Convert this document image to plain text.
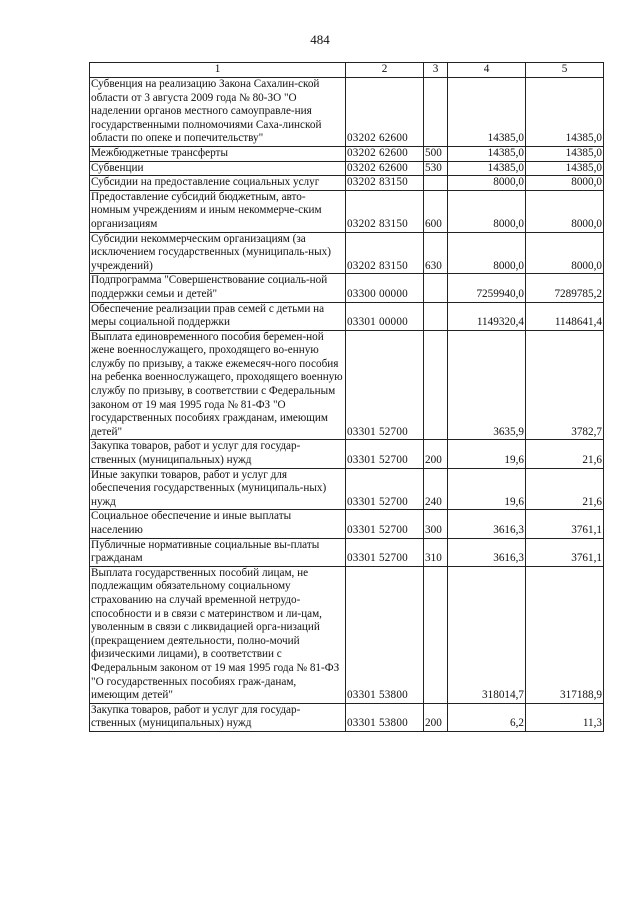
484
1	2	3	4	5
Субвенция на реализацию Закона Сахалин-ской области от 3 августа 2009 года № 80-ЗО "О наделении органов местного самоуправле-ния государственными полномочиями Саха-линской области по опеке и попечительству"	03202 62600		14385,0	14385,0
Межбюджетные трансферты	03202 62600	500	14385,0	14385,0
Субвенции	03202 62600	530	14385,0	14385,0
Субсидии на предоставление социальных услуг	03202 83150		8000,0	8000,0
Предоставление субсидий бюджетным, авто-номным учреждениям и иным некоммерче-ским организациям	03202 83150	600	8000,0	8000,0
Субсидии некоммерческим организациям (за исключением государственных (муниципаль-ных) учреждений)	03202 83150	630	8000,0	8000,0
Подпрограмма "Совершенствование социаль-ной поддержки семьи и детей"	03300 00000		7259940,0	7289785,2
Обеспечение реализации прав семей с детьми на меры социальной поддержки	03301 00000		1149320,4	1148641,4
Выплата единовременного пособия беремен-ной жене военнослужащего, проходящего во-енную службу по призыву, а также ежемесяч-ного пособия на ребенка военнослужащего, проходящего военную службу по призыву, в соответствии с Федеральным законом от 19 мая 1995 года № 81-ФЗ "О государственных пособиях гражданам, имеющим детей"	03301 52700		3635,9	3782,7
Закупка товаров, работ и услуг для государ-ственных (муниципальных) нужд	03301 52700	200	19,6	21,6
Иные закупки товаров, работ и услуг для обеспечения государственных (муниципаль-ных) нужд	03301 52700	240	19,6	21,6
Социальное обеспечение и иные выплаты населению	03301 52700	300	3616,3	3761,1
Публичные нормативные социальные вы-платы гражданам	03301 52700	310	3616,3	3761,1
Выплата государственных пособий лицам, не подлежащим обязательному социальному страхованию на случай временной нетрудо-способности и в связи с материнством и ли-цам, уволенным в связи с ликвидацией орга-низаций (прекращением деятельности, полно-мочий физическими лицами), в соответствии с Федеральным законом от 19 мая 1995 года № 81-ФЗ "О государственных пособиях граж-данам, имеющим детей"	03301 53800		318014,7	317188,9
Закупка товаров, работ и услуг для государ-ственных (муниципальных) нужд	03301 53800	200	6,2	11,3
